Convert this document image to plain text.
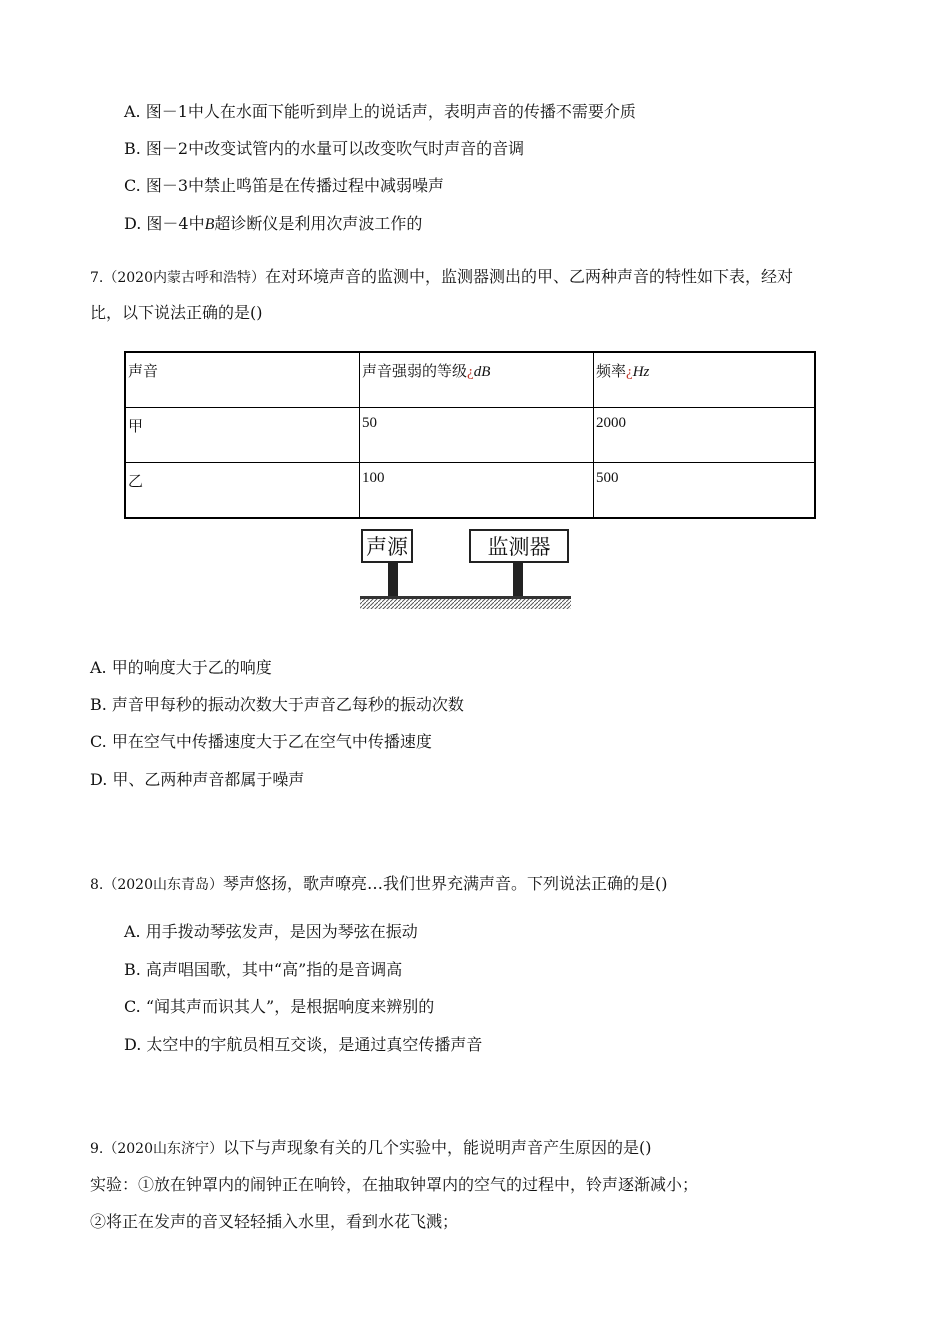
A. 图－1中人在水面下能听到岸上的说话声，表明声音的传播不需要介质
B. 图－2中改变试管内的水量可以改变吹气时声音的音调
C. 图－3中禁止鸣笛是在传播过程中减弱噪声
D. 图－4中B超诊断仪是利用次声波工作的
7.（2020内蒙古呼和浩特）在对环境声音的监测中，监测器测出的甲、乙两种声音的特性如下表，经对
比，以下说法正确的是()
声音	声音强弱的等级¿dB	频率¿Hz
甲	50	2000
乙	100	500
声源	监测器
A. 甲的响度大于乙的响度
B. 声音甲每秒的振动次数大于声音乙每秒的振动次数
C. 甲在空气中传播速度大于乙在空气中传播速度
D. 甲、乙两种声音都属于噪声
8.（2020山东青岛）琴声悠扬，歌声嘹亮…我们世界充满声音。下列说法正确的是()
A. 用手拨动琴弦发声，是因为琴弦在振动
B. 高声唱国歌，其中“高”指的是音调高
C. “闻其声而识其人”，是根据响度来辨别的
D. 太空中的宇航员相互交谈，是通过真空传播声音
9.（2020山东济宁）以下与声现象有关的几个实验中，能说明声音产生原因的是()
实验：①放在钟罩内的闹钟正在响铃，在抽取钟罩内的空气的过程中，铃声逐渐减小；
②将正在发声的音叉轻轻插入水里，看到水花飞溅；
